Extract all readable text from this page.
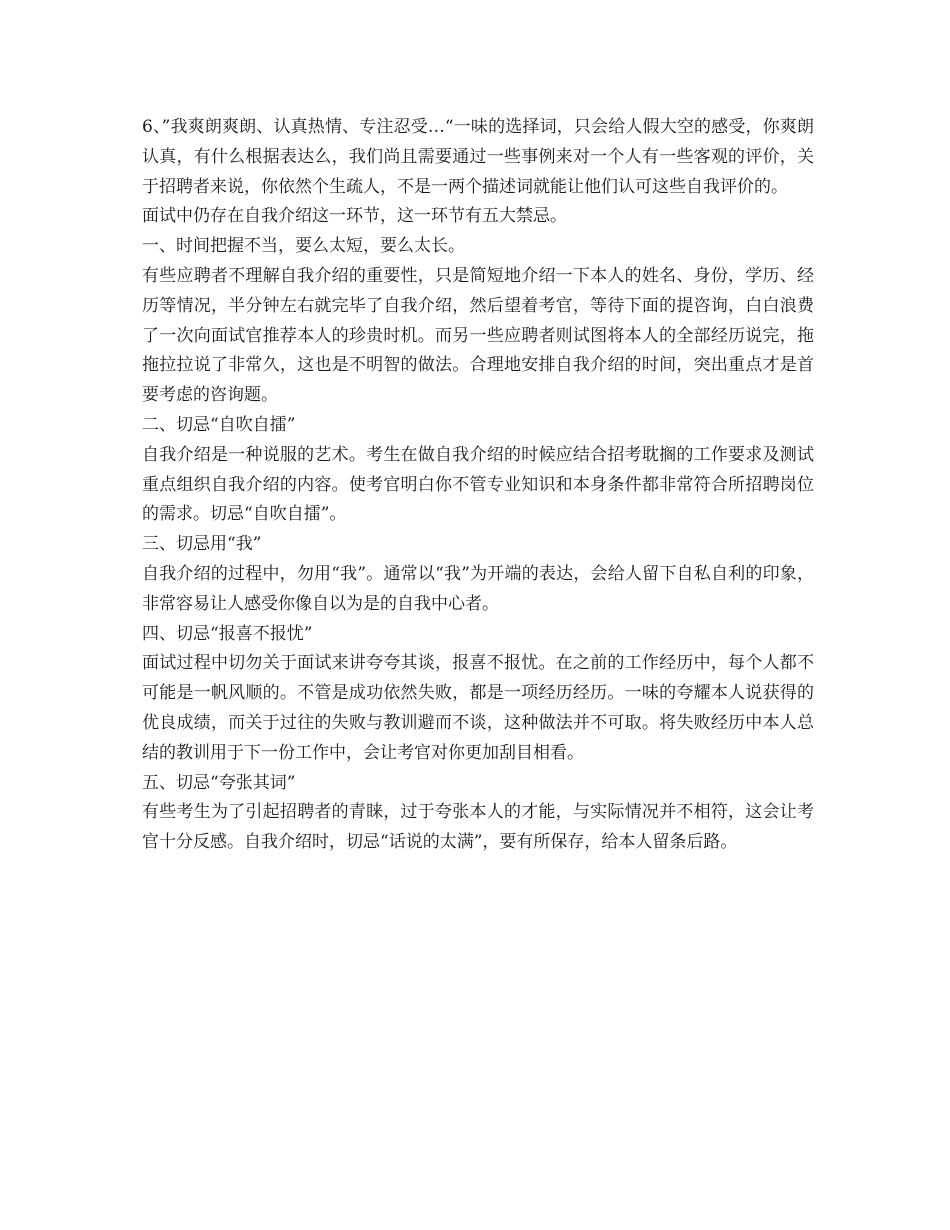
6、”我爽朗爽朗、认真热情、专注忍受…“一味的选择词，只会给人假大空的感受，你爽朗认真，有什么根据表达么，我们尚且需要通过一些事例来对一个人有一些客观的评价，关于招聘者来说，你依然个生疏人，不是一两个描述词就能让他们认可这些自我评价的。

面试中仍存在自我介绍这一环节，这一环节有五大禁忌。

一、时间把握不当，要么太短，要么太长。

有些应聘者不理解自我介绍的重要性，只是简短地介绍一下本人的姓名、身份，学历、经历等情况，半分钟左右就完毕了自我介绍，然后望着考官，等待下面的提咨询，白白浪费了一次向面试官推荐本人的珍贵时机。而另一些应聘者则试图将本人的全部经历说完，拖拖拉拉说了非常久，这也是不明智的做法。合理地安排自我介绍的时间，突出重点才是首要考虑的咨询题。

二、切忌“自吹自擂”

自我介绍是一种说服的艺术。考生在做自我介绍的时候应结合招考耽搁的工作要求及测试重点组织自我介绍的内容。使考官明白你不管专业知识和本身条件都非常符合所招聘岗位的需求。切忌“自吹自擂”。

三、切忌用“我”

自我介绍的过程中，勿用“我”。通常以“我”为开端的表达，会给人留下自私自利的印象，非常容易让人感受你像自以为是的自我中心者。

四、切忌“报喜不报忧”

面试过程中切勿关于面试来讲夸夸其谈，报喜不报忧。在之前的工作经历中，每个人都不可能是一帆风顺的。不管是成功依然失败，都是一项经历经历。一味的夸耀本人说获得的优良成绩，而关于过往的失败与教训避而不谈，这种做法并不可取。将失败经历中本人总结的教训用于下一份工作中，会让考官对你更加刮目相看。

五、切忌“夸张其词”

有些考生为了引起招聘者的青睐，过于夸张本人的才能，与实际情况并不相符，这会让考官十分反感。自我介绍时，切忌“话说的太满”，要有所保存，给本人留条后路。
